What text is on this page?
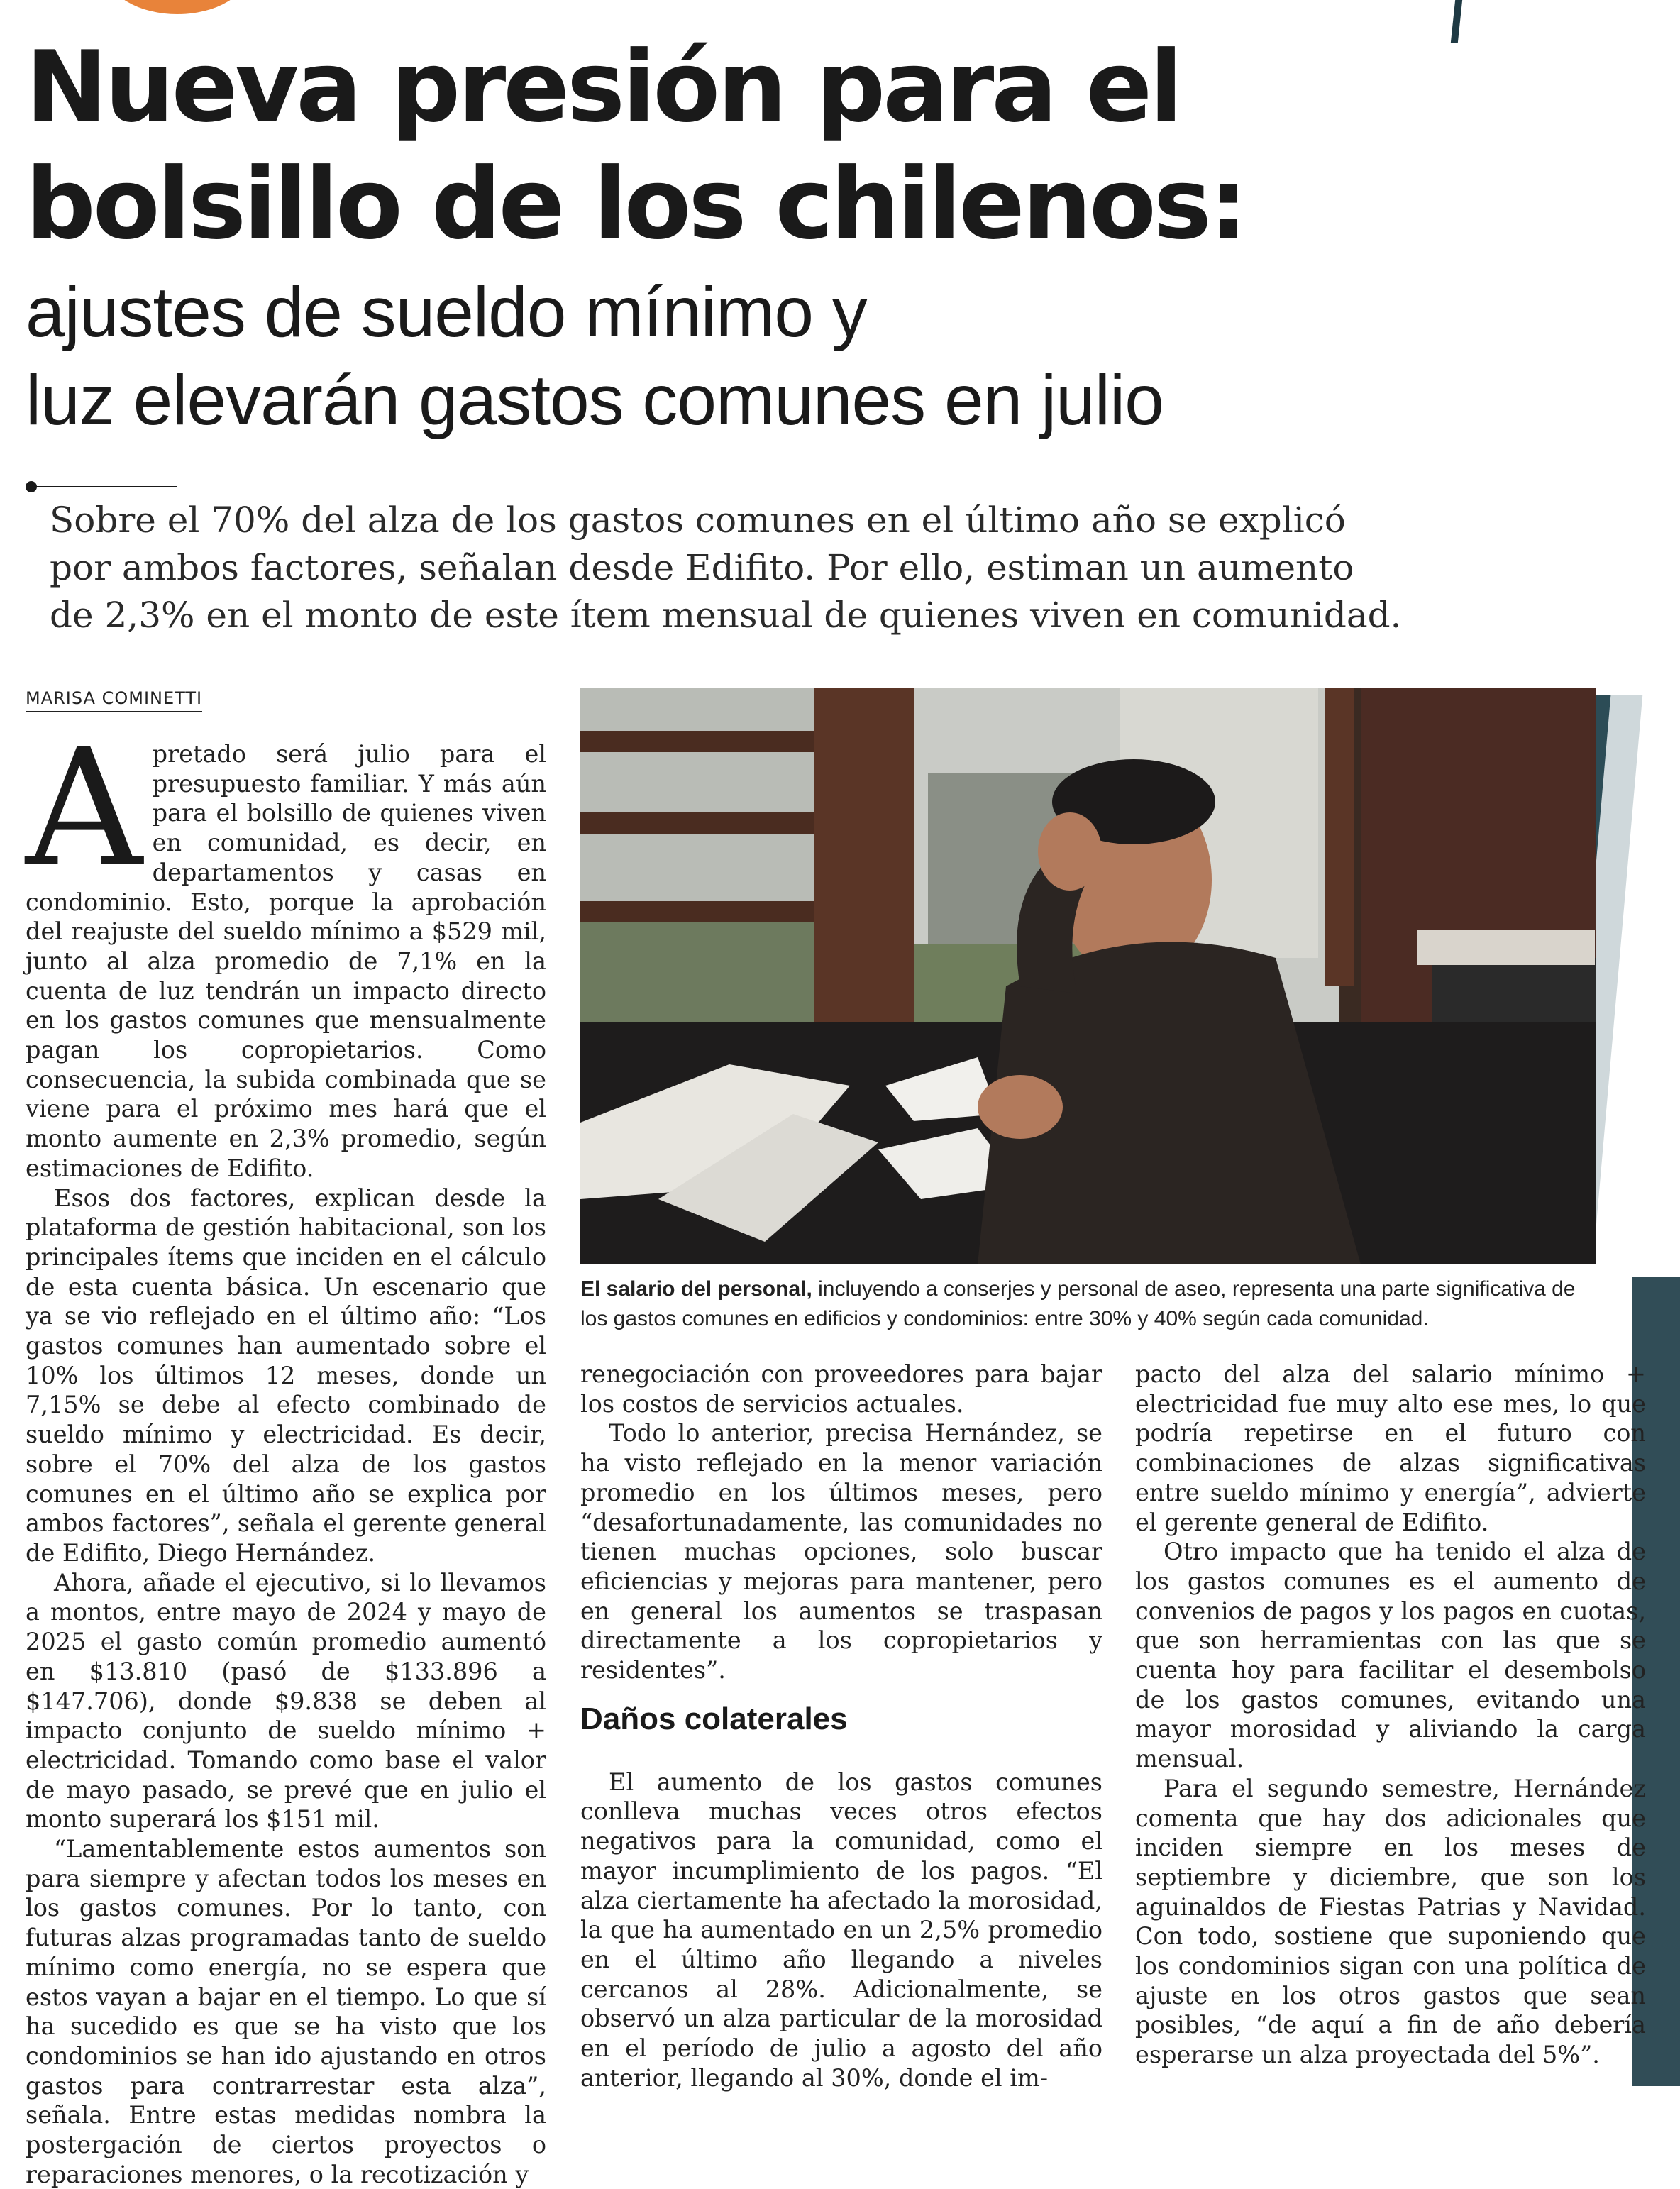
Nueva presión para el
bolsillo de los chilenos:
ajustes de sueldo mínimo y
luz elevarán gastos comunes en julio
Sobre el 70% del alza de los gastos comunes en el último año se explicó
por ambos factores, señalan desde Edifito. Por ello, estiman un aumento
de 2,3% en el monto de este ítem mensual de quienes viven en comunidad.
MARISA COMINETTI

Apretado será julio para el presupuesto familiar. Y más aún para el bolsillo de quienes viven en comunidad, es decir, en departamentos y casas en condominio. Esto, porque la aprobación del reajuste del sueldo mínimo a $529 mil, junto al alza promedio de 7,1% en la cuenta de luz tendrán un impacto directo en los gastos comunes que mensualmente pagan los copropietarios. Como consecuencia, la subida combinada que se viene para el próximo mes hará que el monto aumente en 2,3% promedio, según estimaciones de Edifito.

Esos dos factores, explican desde la plataforma de gestión habitacional, son los principales ítems que inciden en el cálculo de esta cuenta básica. Un escenario que ya se vio reflejado en el último año: “Los gastos comunes han aumentado sobre el 10% los últimos 12 meses, donde un 7,15% se debe al efecto combinado de sueldo mínimo y electricidad. Es decir, sobre el 70% del alza de los gastos comunes en el último año se explica por ambos factores”, señala el gerente general de Edifito, Diego Hernández.

Ahora, añade el ejecutivo, si lo llevamos a montos, entre mayo de 2024 y mayo de 2025 el gasto común promedio aumentó en $13.810 (pasó de $133.896 a $147.706), donde $9.838 se deben al impacto conjunto de sueldo mínimo + electricidad. Tomando como base el valor de mayo pasado, se prevé que en julio el monto superará los $151 mil.

“Lamentablemente estos aumentos son para siempre y afectan todos los meses en los gastos comunes. Por lo tanto, con futuras alzas programadas tanto de sueldo mínimo como energía, no se espera que estos vayan a bajar en el tiempo. Lo que sí ha sucedido es que se ha visto que los condominios se han ido ajustando en otros gastos para contrarrestar esta alza”, señala. Entre estas medidas nombra la postergación de ciertos proyectos o reparaciones menores, o la recotización y

El salario del personal, incluyendo a conserjes y personal de aseo, representa una parte significativa de los gastos comunes en edificios y condominios: entre 30% y 40% según cada comunidad.

renegociación con proveedores para bajar los costos de servicios actuales.

Todo lo anterior, precisa Hernández, se ha visto reflejado en la menor variación promedio en los últimos meses, pero “desafortunadamente, las comunidades no tienen muchas opciones, solo buscar eficiencias y mejoras para mantener, pero en general los aumentos se traspasan directamente a los copropietarios y residentes”.

Daños colaterales

El aumento de los gastos comunes conlleva muchas veces otros efectos negativos para la comunidad, como el mayor incumplimiento de los pagos. “El alza ciertamente ha afectado la morosidad, la que ha aumentado en un 2,5% promedio en el último año llegando a niveles cercanos al 28%. Adicionalmente, se observó un alza particular de la morosidad en el período de julio a agosto del año anterior, llegando al 30%, donde el im-

pacto del alza del salario mínimo + electricidad fue muy alto ese mes, lo que podría repetirse en el futuro con combinaciones de alzas significativas entre sueldo mínimo y energía”, advierte el gerente general de Edifito.

Otro impacto que ha tenido el alza de los gastos comunes es el aumento de convenios de pagos y los pagos en cuotas, que son herramientas con las que se cuenta hoy para facilitar el desembolso de los gastos comunes, evitando una mayor morosidad y aliviando la carga mensual.

Para el segundo semestre, Hernández comenta que hay dos adicionales que inciden siempre en los meses de septiembre y diciembre, que son los aguinaldos de Fiestas Patrias y Navidad. Con todo, sostiene que suponiendo que los condominios sigan con una política de ajuste en los otros gastos que sean posibles, “de aquí a fin de año debería esperarse un alza proyectada del 5%”.
